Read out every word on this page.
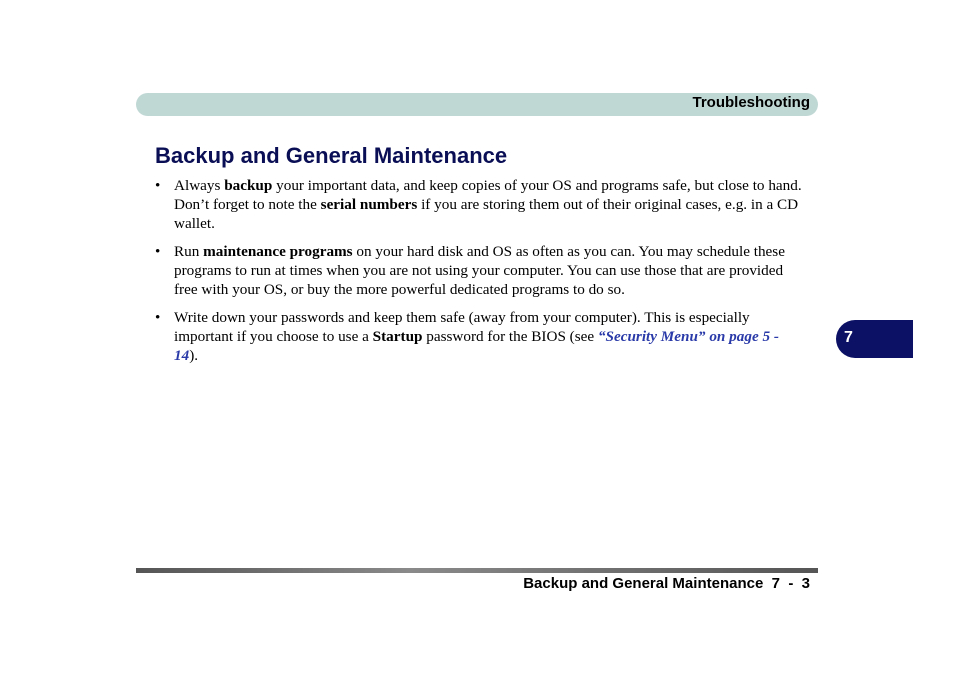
Troubleshooting
Backup and General Maintenance
• Always backup your important data, and keep copies of your OS and programs safe, but close to hand. Don’t forget to note the serial numbers if you are storing them out of their original cases, e.g. in a CD wallet.
• Run maintenance programs on your hard disk and OS as often as you can. You may schedule these programs to run at times when you are not using your computer. You can use those that are provided free with your OS, or buy the more powerful dedicated programs to do so.
• Write down your passwords and keep them safe (away from your computer). This is especially important if you choose to use a Startup password for the BIOS (see “Security Menu” on page 5 - 14).
7
Backup and General Maintenance 7  -  3
